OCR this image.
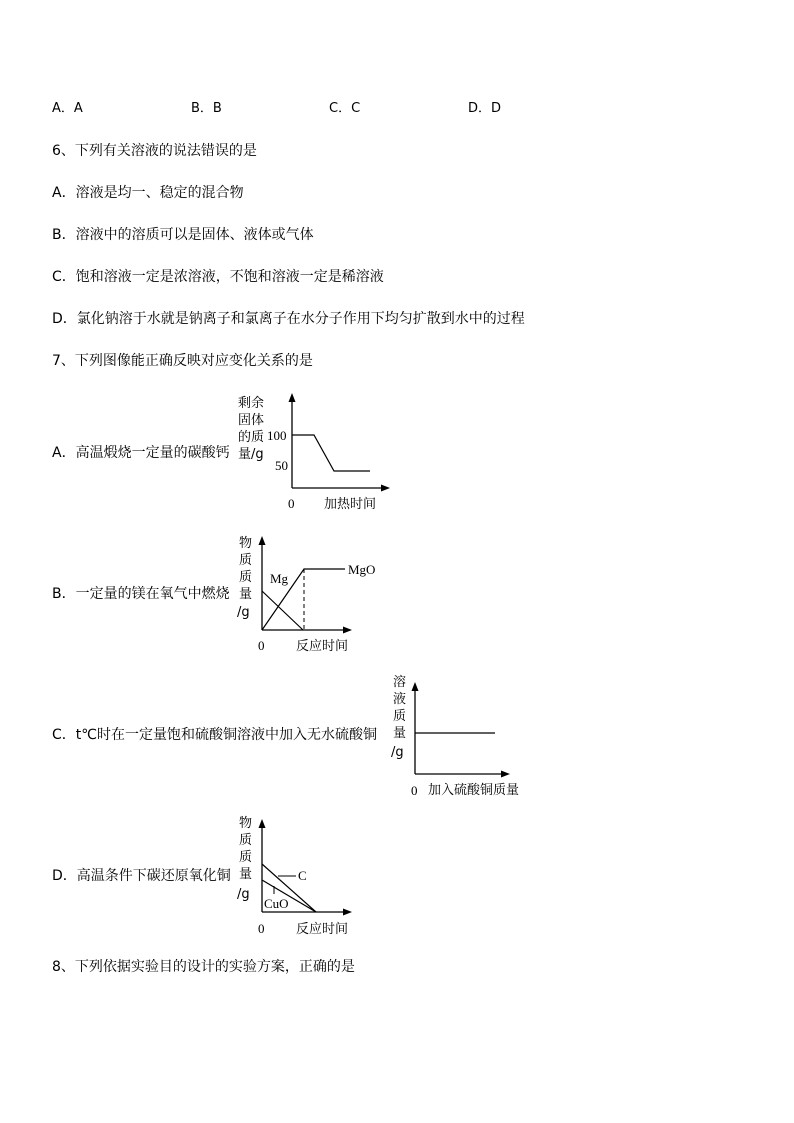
A．A	B．B	C．C	D．D
6、下列有关溶液的说法错误的是
A．溶液是均一、稳定的混合物
B．溶液中的溶质可以是固体、液体或气体
C．饱和溶液一定是浓溶液，不饱和溶液一定是稀溶液
D．氯化钠溶于水就是钠离子和氯离子在水分子作用下均匀扩散到水中的过程
7、下列图像能正确反映对应变化关系的是
A．高温煅烧一定量的碳酸钙
剩余
固体
的质
量/g
100
50
0 加热时间
B．一定量的镁在氧气中燃烧
物
质
质
量
/g
Mg
MgO
0 反应时间
C．t℃时在一定量饱和硫酸铜溶液中加入无水硫酸铜
溶
液
质
量
/g
0 加入硫酸铜质量
D．高温条件下碳还原氧化铜
物
质
质
量
/g
C
CuO
0 反应时间
8、下列依据实验目的设计的实验方案，正确的是
